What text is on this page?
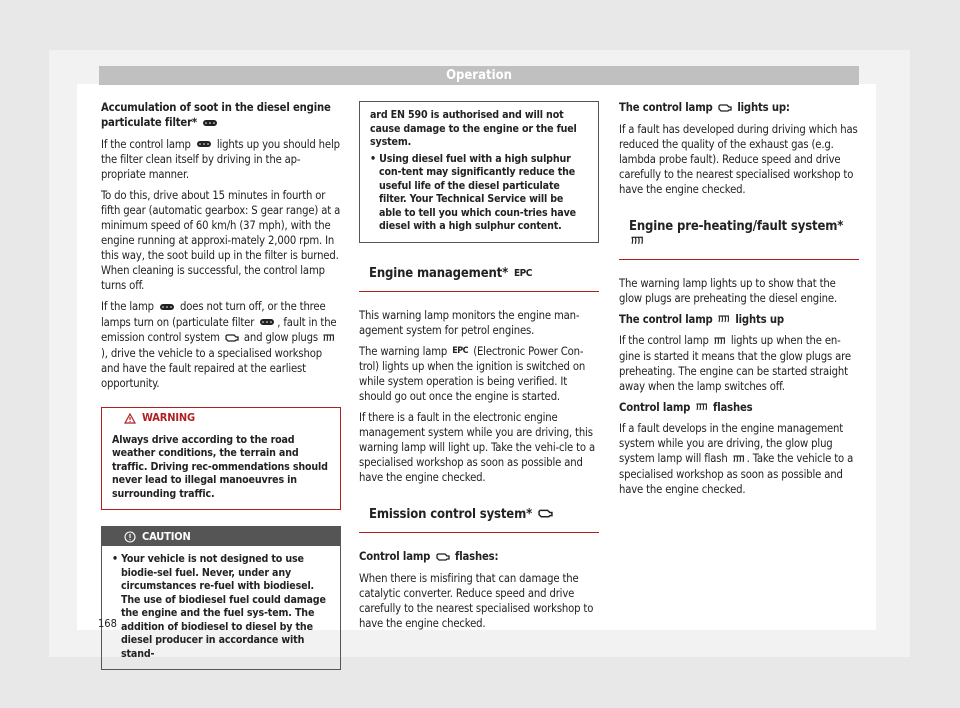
Operation

Accumulation of soot in the diesel engine particulate filter*

If the control lamp lights up you should help the filter clean itself by driving in the ap-propriate manner.

To do this, drive about 15 minutes in fourth or fifth gear (automatic gearbox: S gear range) at a minimum speed of 60 km/h (37 mph), with the engine running at approxi-mately 2,000 rpm. In this way, the soot build up in the filter is burned. When cleaning is successful, the control lamp turns off.

If the lamp does not turn off, or the three lamps turn on (particulate filter , fault in the emission control system and glow plugs ), drive the vehicle to a specialised workshop and have the fault repaired at the earliest opportunity.

WARNING
Always drive according to the road weather conditions, the terrain and traffic. Driving rec-ommendations should never lead to illegal manoeuvres in surrounding traffic.
CAUTION
• Your vehicle is not designed to use biodie-sel fuel. Never, under any circumstances re-fuel with biodiesel. The use of biodiesel fuel could damage the engine and the fuel sys-tem. The addition of biodiesel to diesel by the diesel producer in accordance with stand-
ard EN 590 is authorised and will not cause damage to the engine or the fuel system.
• Using diesel fuel with a high sulphur con-tent may significantly reduce the useful life of the diesel particulate filter. Your Technical Service will be able to tell you which coun-tries have diesel with a high sulphur content.
Engine management* EPC

This warning lamp monitors the engine man-agement system for petrol engines.

The warning lamp EPC (Electronic Power Con-trol) lights up when the ignition is switched on while system operation is being verified. It should go out once the engine is started.

If there is a fault in the electronic engine management system while you are driving, this warning lamp will light up. Take the vehi-cle to a specialised workshop as soon as possible and have the engine checked.

Emission control system*

Control lamp flashes:

When there is misfiring that can damage the catalytic converter. Reduce speed and drive carefully to the nearest specialised workshop to have the engine checked.

The control lamp lights up:

If a fault has developed during driving which has reduced the quality of the exhaust gas (e.g. lambda probe fault). Reduce speed and drive carefully to the nearest specialised workshop to have the engine checked.

Engine pre-heating/fault system*

The warning lamp lights up to show that the glow plugs are preheating the diesel engine.

The control lamp lights up

If the control lamp lights up when the en-gine is started it means that the glow plugs are preheating. The engine can be started straight away when the lamp switches off.

Control lamp flashes

If a fault develops in the engine management system while you are driving, the glow plug system lamp will flash . Take the vehicle to a specialised workshop as soon as possible and have the engine checked.

168
